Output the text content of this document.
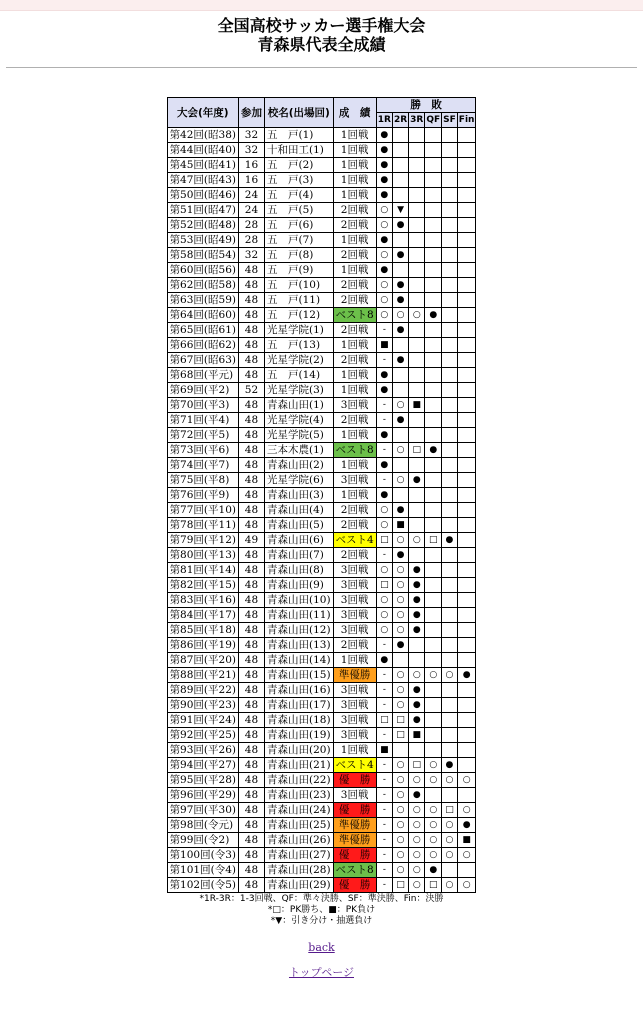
全国高校サッカー選手権大会
青森県代表全成績
大会(年度)	参加	校名(出場回)	成　績	勝　敗					
				1R	2R	3R	QF	SF	Fin
第42回(昭38)	32	五　戸(1)	1回戦	●					
第44回(昭40)	32	十和田工(1)	1回戦	●					
第45回(昭41)	16	五　戸(2)	1回戦	●					
第47回(昭43)	16	五　戸(3)	1回戦	●					
第50回(昭46)	24	五　戸(4)	1回戦	●					
第51回(昭47)	24	五　戸(5)	2回戦	○	▼				
第52回(昭48)	28	五　戸(6)	2回戦	○	●				
第53回(昭49)	28	五　戸(7)	1回戦	●					
第58回(昭54)	32	五　戸(8)	2回戦	○	●				
第60回(昭56)	48	五　戸(9)	1回戦	●					
第62回(昭58)	48	五　戸(10)	2回戦	○	●				
第63回(昭59)	48	五　戸(11)	2回戦	○	●				
第64回(昭60)	48	五　戸(12)	ベスト8	○	○	○	●		
第65回(昭61)	48	光星学院(1)	2回戦	-	●				
第66回(昭62)	48	五　戸(13)	1回戦	■					
第67回(昭63)	48	光星学院(2)	2回戦	-	●				
第68回(平元)	48	五　戸(14)	1回戦	●					
第69回(平2)	52	光星学院(3)	1回戦	●					
第70回(平3)	48	青森山田(1)	3回戦	-	○	■			
第71回(平4)	48	光星学院(4)	2回戦	-	●				
第72回(平5)	48	光星学院(5)	1回戦	●					
第73回(平6)	48	三本木農(1)	ベスト8	-	○	□	●		
第74回(平7)	48	青森山田(2)	1回戦	●					
第75回(平8)	48	光星学院(6)	3回戦	-	○	●			
第76回(平9)	48	青森山田(3)	1回戦	●					
第77回(平10)	48	青森山田(4)	2回戦	○	●				
第78回(平11)	48	青森山田(5)	2回戦	○	■				
第79回(平12)	49	青森山田(6)	ベスト4	□	○	○	□	●	
第80回(平13)	48	青森山田(7)	2回戦	-	●				
第81回(平14)	48	青森山田(8)	3回戦	○	○	●			
第82回(平15)	48	青森山田(9)	3回戦	□	○	●			
第83回(平16)	48	青森山田(10)	3回戦	○	○	●			
第84回(平17)	48	青森山田(11)	3回戦	○	○	●			
第85回(平18)	48	青森山田(12)	3回戦	○	○	●			
第86回(平19)	48	青森山田(13)	2回戦	-	●				
第87回(平20)	48	青森山田(14)	1回戦	●					
第88回(平21)	48	青森山田(15)	準優勝	-	○	○	○	○	●
第89回(平22)	48	青森山田(16)	3回戦	-	○	●			
第90回(平23)	48	青森山田(17)	3回戦	-	○	●			
第91回(平24)	48	青森山田(18)	3回戦	□	□	●			
第92回(平25)	48	青森山田(19)	3回戦	-	□	■			
第93回(平26)	48	青森山田(20)	1回戦	■					
第94回(平27)	48	青森山田(21)	ベスト4	-	○	□	○	●	
第95回(平28)	48	青森山田(22)	優　勝	-	○	○	○	○	○
第96回(平29)	48	青森山田(23)	3回戦	-	○	●			
第97回(平30)	48	青森山田(24)	優　勝	-	○	○	○	□	○
第98回(令元)	48	青森山田(25)	準優勝	-	○	○	○	○	●
第99回(令2)	48	青森山田(26)	準優勝	-	○	○	○	○	■
第100回(令3)	48	青森山田(27)	優　勝	-	○	○	○	○	○
第101回(令4)	48	青森山田(28)	ベスト8	-	○	○	●		
第102回(令5)	48	青森山田(29)	優　勝	-	□	○	□	○	○
*1R-3R：1-3回戦、QF：準々決勝、SF：準決勝、Fin：決勝
*□：PK勝ち、■：PK負け
*▼：引き分け・抽選負け
back
トップページ
